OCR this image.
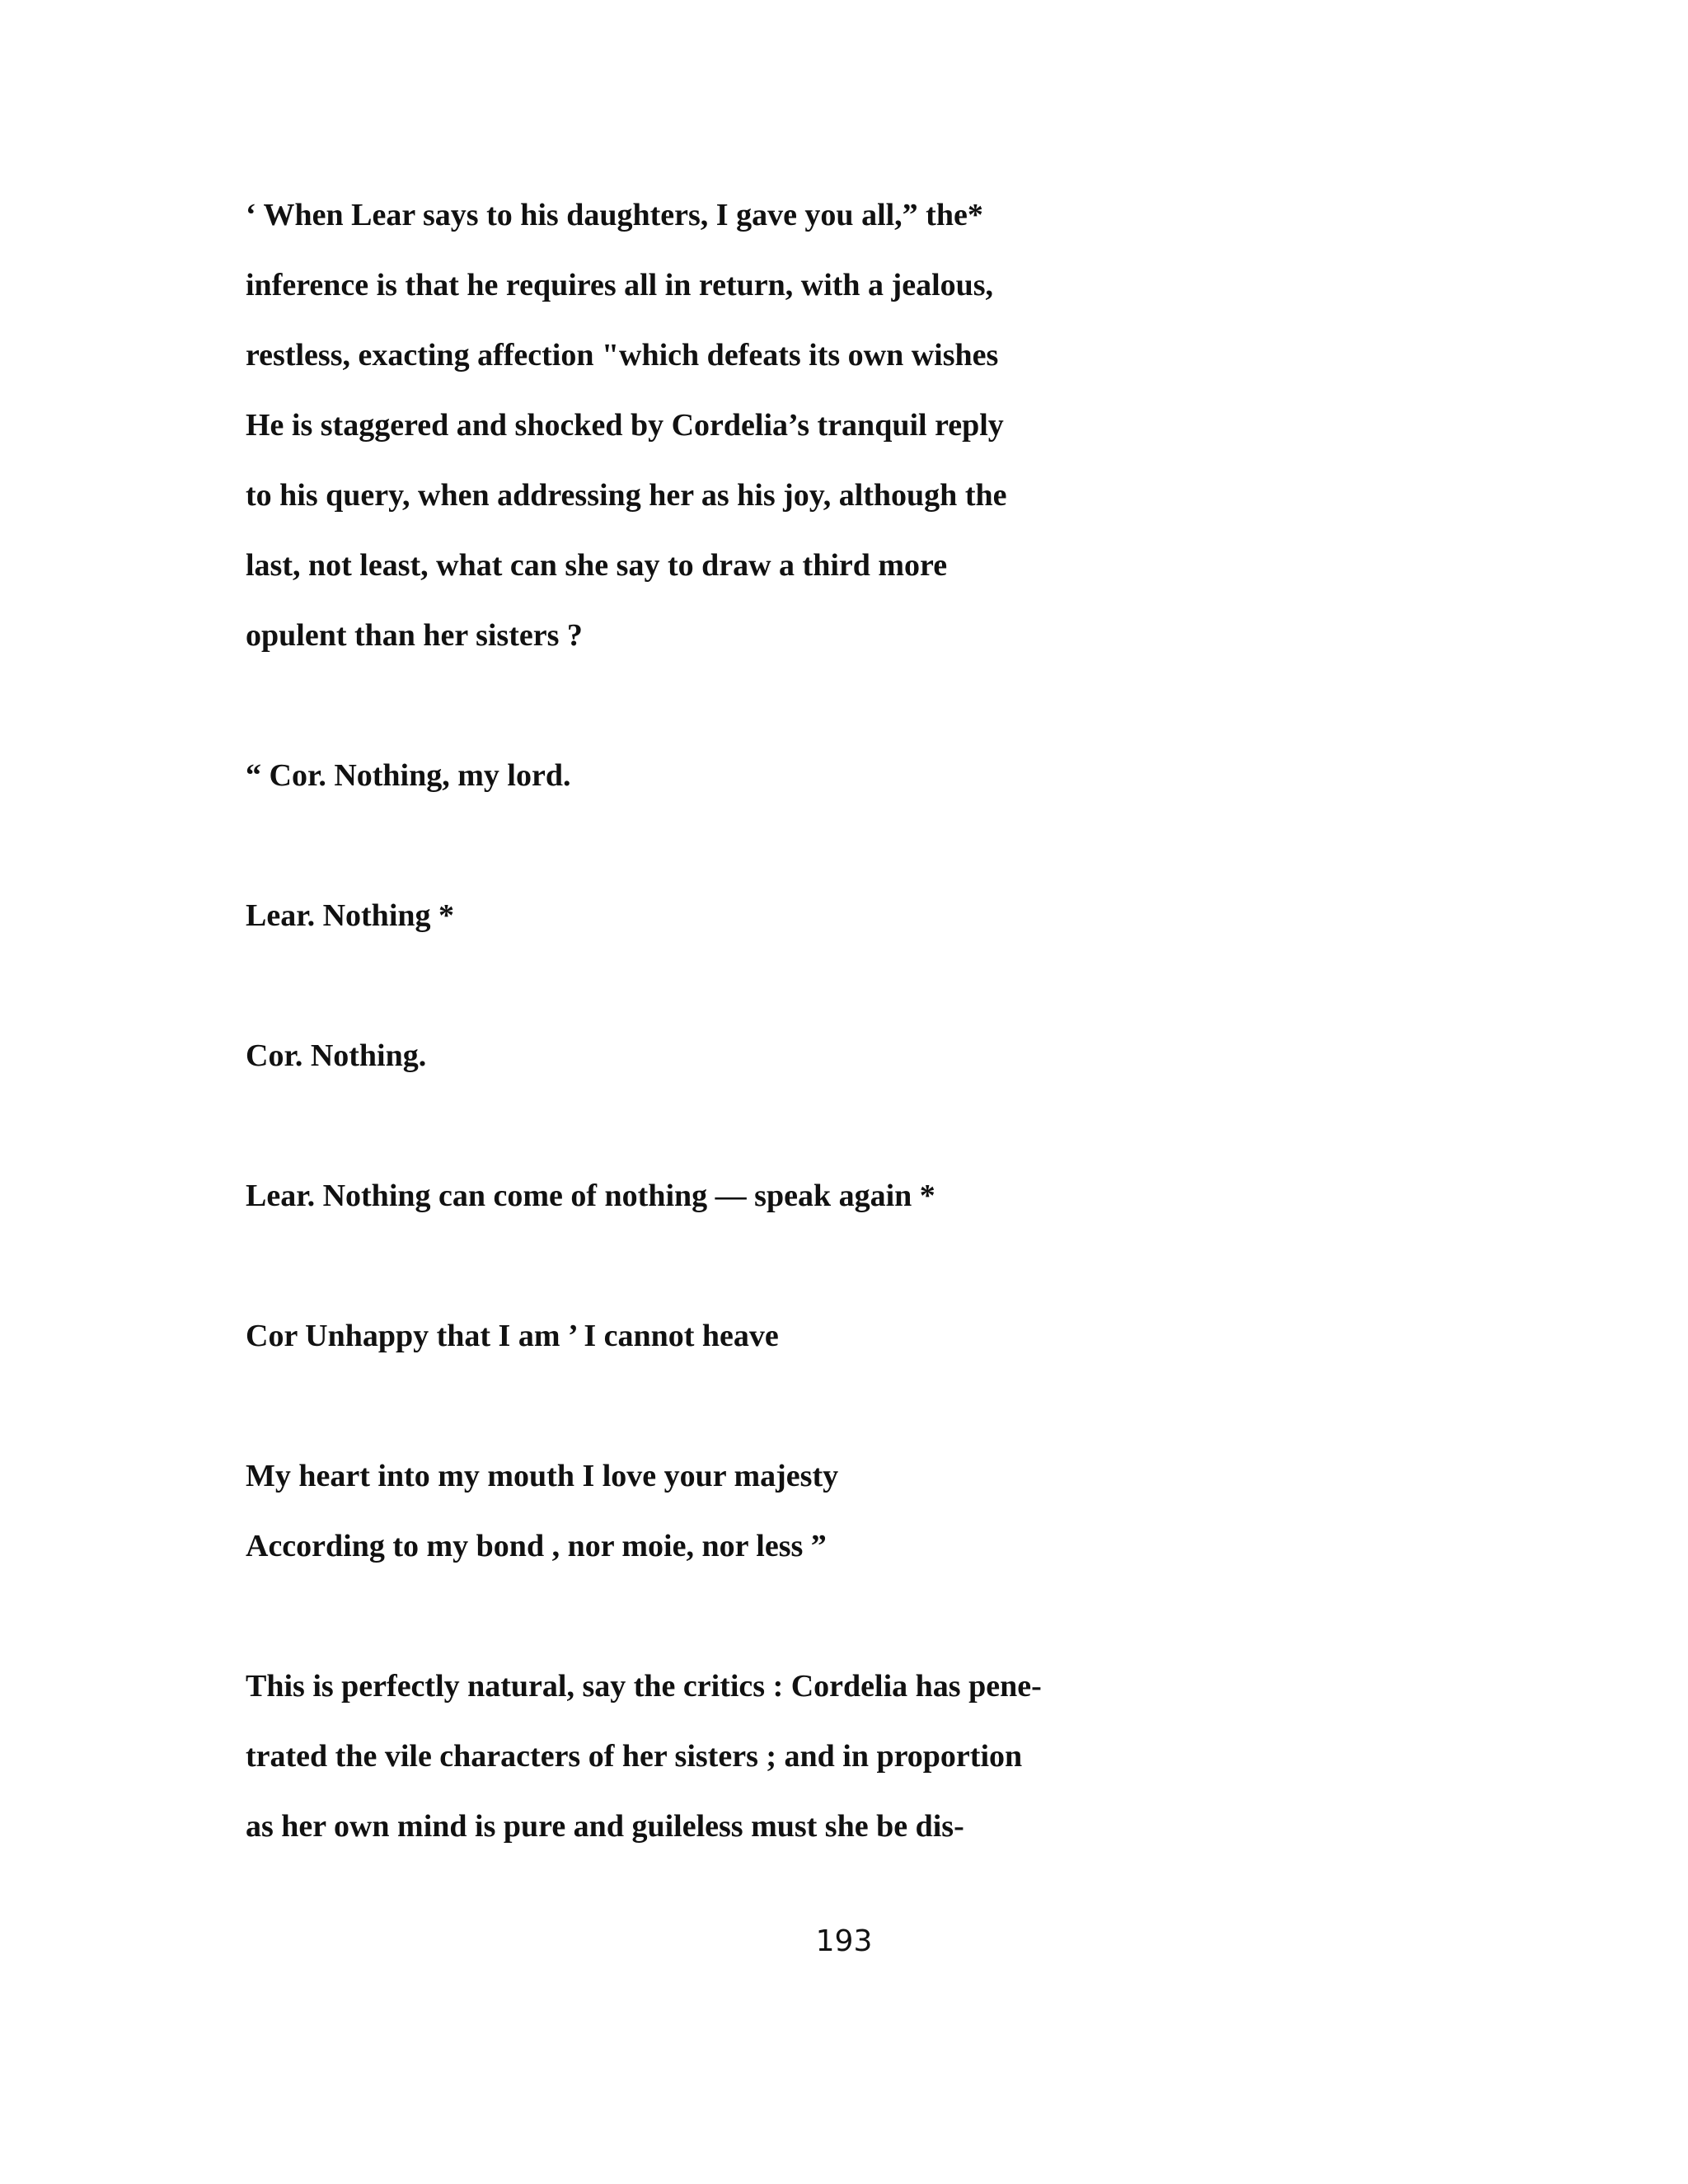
‘ When Lear says to his daughters, I gave you all,” the*
inference is that he requires all in return, with a jealous,
restless, exacting affection "which defeats its own wishes
He is staggered and shocked by Cordelia’s tranquil reply
to his query, when addressing her as his joy, although the
last, not least, what can she say to draw a third more
opulent than her sisters ?
“ Cor. Nothing, my lord.
Lear. Nothing *
Cor. Nothing.
Lear. Nothing can come of nothing — speak again *
Cor Unhappy that I am ’ I cannot heave
My heart into my mouth I love your majesty
According to my bond , nor moie, nor less ”
This is perfectly natural, say the critics : Cordelia has pene-
trated the vile characters of her sisters ; and in proportion
as her own mind is pure and guileless must she be dis-
193
